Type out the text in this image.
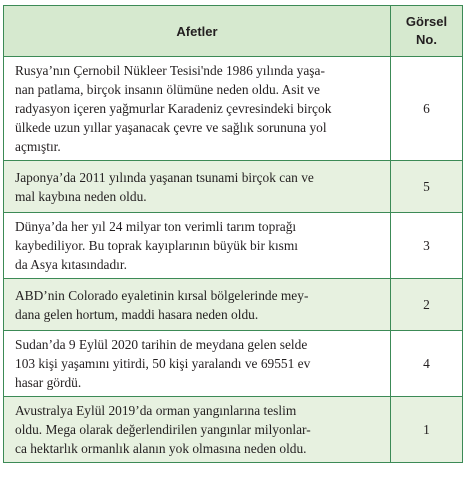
Afetler	Görsel
No.

Rusya’nın Çernobil Nükleer Tesisi'nde 1986 yılında yaşa-
nan patlama, birçok insanın ölümüne neden oldu. Asit ve
radyasyon içeren yağmurlar Karadeniz çevresindeki birçok
ülkede uzun yıllar yaşanacak çevre ve sağlık sorununa yol
açmıştır.	6

Japonya’da 2011 yılında yaşanan tsunami birçok can ve
mal kaybına neden oldu.	5

Dünya’da her yıl 24 milyar ton verimli tarım toprağı
kaybediliyor. Bu toprak kayıplarının büyük bir kısmı
da Asya kıtasındadır.	3

ABD’nin Colorado eyaletinin kırsal bölgelerinde mey-
dana gelen hortum, maddi hasara neden oldu.	2

Sudan’da 9 Eylül 2020 tarihin de meydana gelen selde
103 kişi yaşamını yitirdi, 50 kişi yaralandı ve 69551 ev
hasar gördü.	4

Avustralya Eylül 2019’da orman yangınlarına teslim
oldu. Mega olarak değerlendirilen yangınlar milyonlar-
ca hektarlık ormanlık alanın yok olmasına neden oldu.	1
